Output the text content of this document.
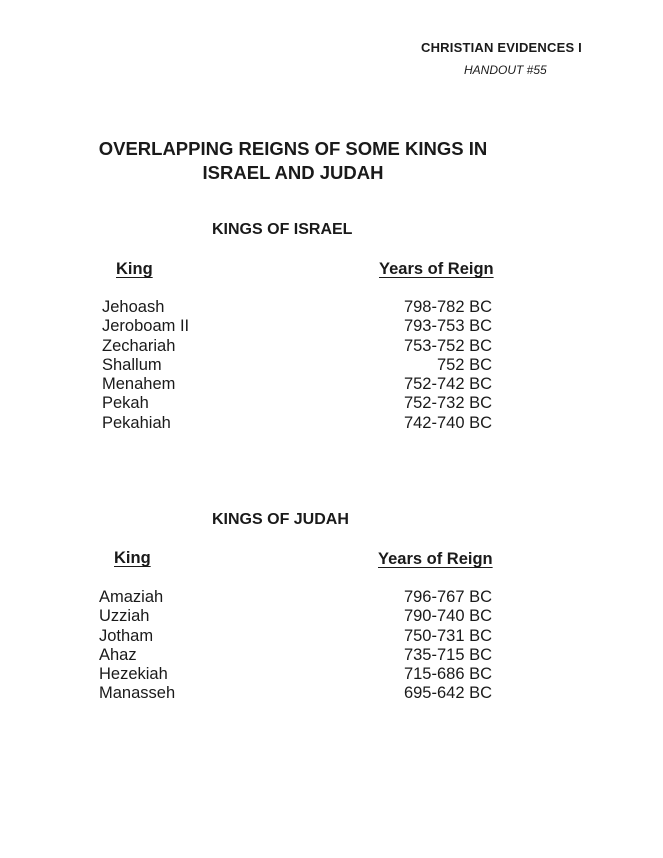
CHRISTIAN EVIDENCES I
HANDOUT #55
OVERLAPPING REIGNS OF SOME KINGS IN
ISRAEL AND JUDAH
KINGS OF ISRAEL
King	Years of Reign
Jehoash
Jeroboam II
Zechariah
Shallum
Menahem
Pekah
Pekahiah
798-782 BC
793-753 BC
753-752 BC
752 BC
752-742 BC
752-732 BC
742-740 BC
KINGS OF JUDAH
King	Years of Reign
Amaziah
Uzziah
Jotham
Ahaz
Hezekiah
Manasseh
796-767 BC
790-740 BC
750-731 BC
735-715 BC
715-686 BC
695-642 BC
